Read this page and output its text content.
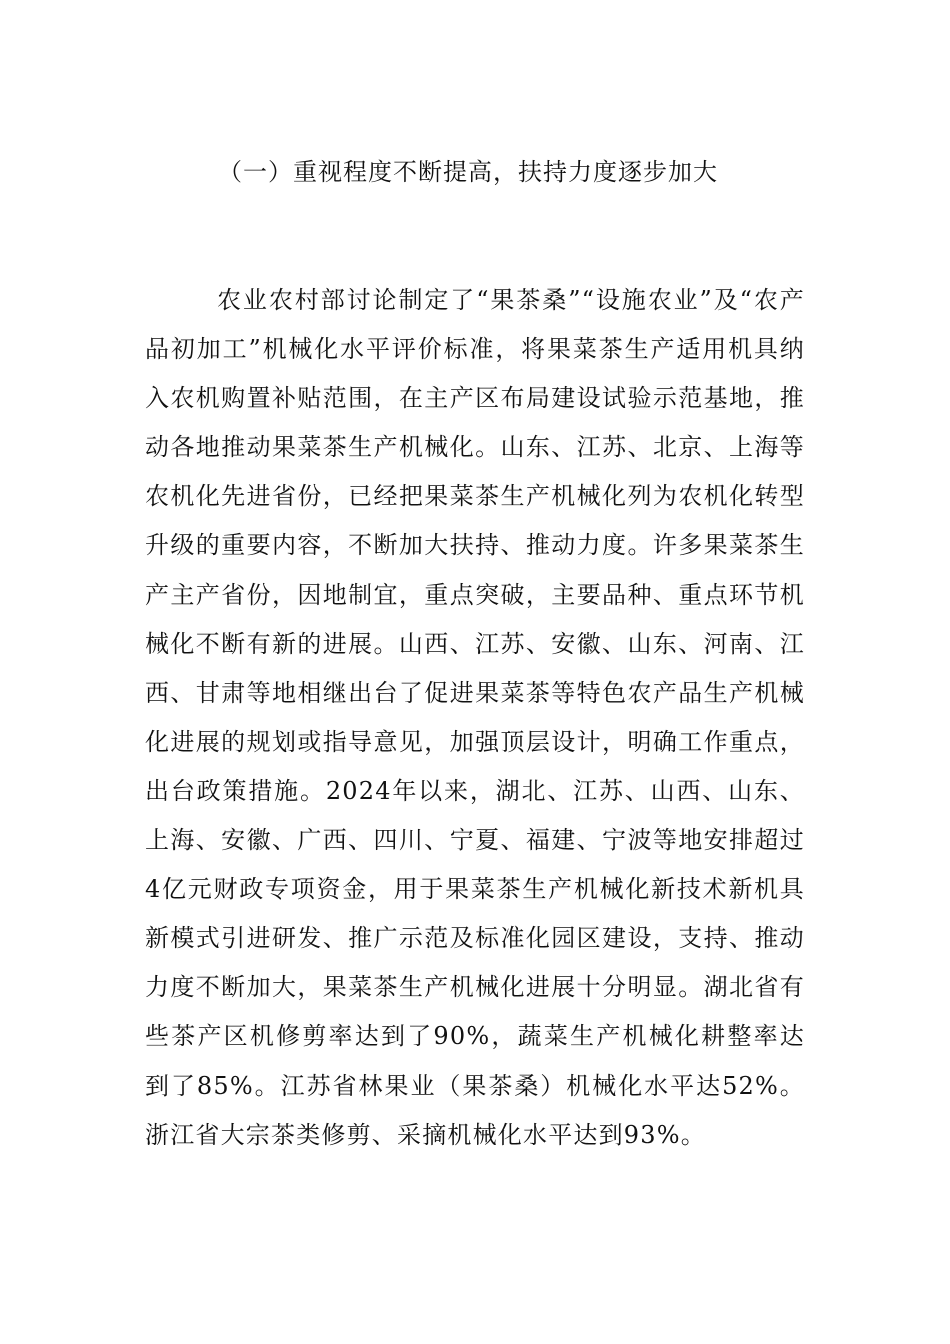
（一）重视程度不断提高，扶持力度逐步加大

农业农村部讨论制定了“果茶桑”“设施农业”及“农产品初加工”机械化水平评价标准，将果菜茶生产适用机具纳入农机购置补贴范围，在主产区布局建设试验示范基地，推动各地推动果菜茶生产机械化。山东、江苏、北京、上海等农机化先进省份，已经把果菜茶生产机械化列为农机化转型升级的重要内容，不断加大扶持、推动力度。许多果菜茶生产主产省份，因地制宜，重点突破，主要品种、重点环节机械化不断有新的进展。山西、江苏、安徽、山东、河南、江西、甘肃等地相继出台了促进果菜茶等特色农产品生产机械化进展的规划或指导意见，加强顶层设计，明确工作重点，出台政策措施。2024年以来，湖北、江苏、山西、山东、上海、安徽、广西、四川、宁夏、福建、宁波等地安排超过4亿元财政专项资金，用于果菜茶生产机械化新技术新机具新模式引进研发、推广示范及标准化园区建设，支持、推动力度不断加大，果菜茶生产机械化进展十分明显。湖北省有些茶产区机修剪率达到了90%，蔬菜生产机械化耕整率达到了85%。江苏省林果业（果茶桑）机械化水平达52%。浙江省大宗茶类修剪、采摘机械化水平达到93%。
